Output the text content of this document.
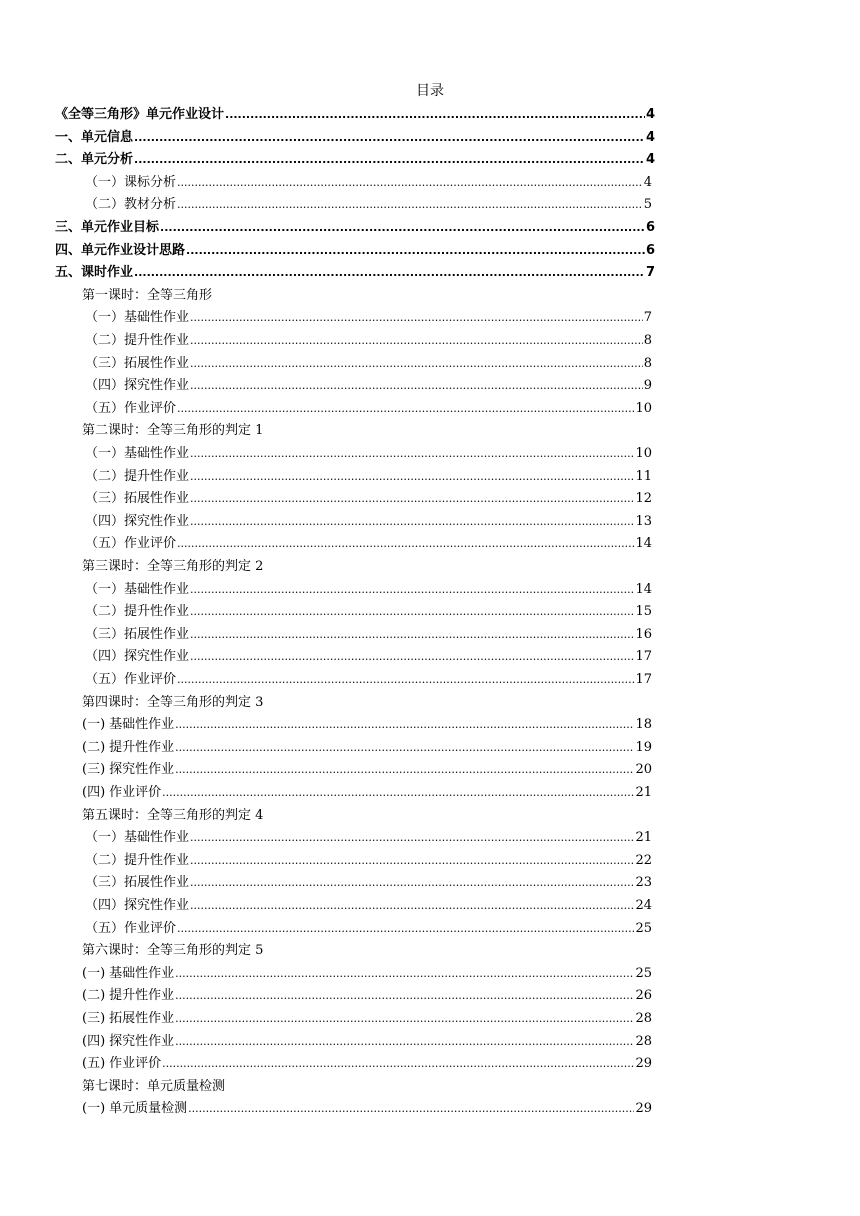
目录
《全等三角形》单元作业设计 .....	4
一、 单元信息 .....	4
二、 单元分析 .....	4
（一） 课标分析 .....	4
（二） 教材分析 .....	5
三、 单元作业目标 .....	6
四、 单元作业设计思路 .....	6
五、 课时作业 .....	7
第一课时：全等三角形
（一） 基础性作业 .....	7
（二） 提升性作业 .....	8
（三） 拓展性作业 .....	8
（四） 探究性作业 .....	9
（五） 作业评价 .....	10
第二课时：全等三角形的判定 1
（一） 基础性作业 .....	10
（二） 提升性作业 .....	11
（三） 拓展性作业 .....	12
（四） 探究性作业 .....	13
（五） 作业评价 .....	14
第三课时：全等三角形的判定 2
（一） 基础性作业 .....	14
（二） 提升性作业 .....	15
（三） 拓展性作业 .....	16
（四） 探究性作业 .....	17
（五） 作业评价 .....	17
第四课时：全等三角形的判定 3
(一) 基础性作业 .....	18
(二) 提升性作业 .....	19
(三) 探究性作业 .....	20
(四) 作业评价 .....	21
第五课时：全等三角形的判定 4
（一） 基础性作业 .....	21
（二） 提升性作业 .....	22
（三） 拓展性作业 .....	23
（四） 探究性作业 .....	24
（五） 作业评价 .....	25
第六课时：全等三角形的判定 5
(一) 基础性作业 .....	25
(二) 提升性作业 .....	26
(三) 拓展性作业 .....	28
(四) 探究性作业 .....	28
(五) 作业评价 .....	29
第七课时：单元质量检测
(一) 单元质量检测 .....	29
